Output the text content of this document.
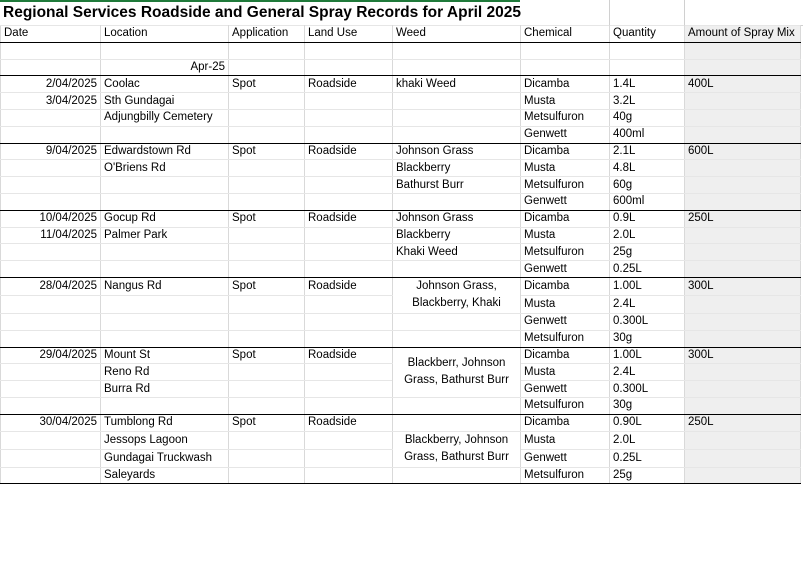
Regional Services Roadside and General Spray Records for April 2025
Date	Location	Application	Land Use	Weed	Chemical	Quantity	Amount of Spray Mix

	Apr-25						
2/04/2025	Coolac	Spot	Roadside	khaki Weed	Dicamba	1.4L	400L
3/04/2025	Sth Gundagai				Musta	3.2L	
	Adjungbilly Cemetery				Metsulfuron	40g	
					Genwett	400ml	
9/04/2025	Edwardstown Rd	Spot	Roadside	Johnson Grass	Dicamba	2.1L	600L
	O'Briens Rd			Blackberry	Musta	4.8L	
				Bathurst Burr	Metsulfuron	60g	
					Genwett	600ml	
10/04/2025	Gocup Rd	Spot	Roadside	Johnson Grass	Dicamba	0.9L	250L
11/04/2025	Palmer Park			Blackberry	Musta	2.0L	
				Khaki Weed	Metsulfuron	25g	
					Genwett	0.25L	
28/04/2025	Nangus Rd	Spot	Roadside	Johnson Grass, Blackberry, Khaki	Dicamba	1.00L	300L
					Musta	2.4L	
					Genwett	0.300L	
					Metsulfuron	30g	
29/04/2025	Mount St	Spot	Roadside	Blackberr, Johnson Grass, Bathurst Burr	Dicamba	1.00L	300L
	Reno Rd				Musta	2.4L	
	Burra Rd				Genwett	0.300L	
					Metsulfuron	30g	
30/04/2025	Tumblong Rd	Spot	Roadside		Dicamba	0.90L	250L
	Jessops Lagoon			Blackberry, Johnson Grass, Bathurst Burr	Musta	2.0L	
	Gundagai Truckwash				Genwett	0.25L	
	Saleyards				Metsulfuron	25g	
